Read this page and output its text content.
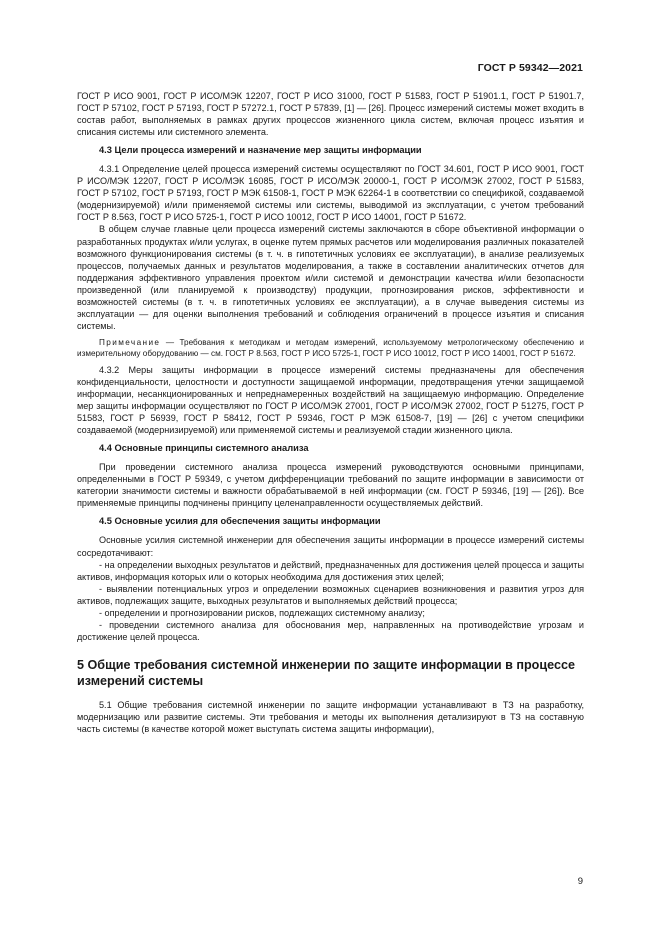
ГОСТ Р 59342—2021

ГОСТ Р ИСО 9001, ГОСТ Р ИСО/МЭК 12207, ГОСТ Р ИСО 31000, ГОСТ Р 51583, ГОСТ Р 51901.1, ГОСТ Р 51901.7, ГОСТ Р 57102, ГОСТ Р 57193, ГОСТ Р 57272.1, ГОСТ Р 57839, [1] — [26]. Процесс измерений системы может входить в состав работ, выполняемых в рамках других процессов жизненного цикла систем, включая процесс изъятия и списания системы или системного элемента.

4.3 Цели процесса измерений и назначение мер защиты информации

4.3.1 Определение целей процесса измерений системы осуществляют по ГОСТ 34.601, ГОСТ Р ИСО 9001, ГОСТ Р ИСО/МЭК 12207, ГОСТ Р ИСО/МЭК 16085, ГОСТ Р ИСО/МЭК 20000-1, ГОСТ Р ИСО/МЭК 27002, ГОСТ Р 51583, ГОСТ Р 57102, ГОСТ Р 57193, ГОСТ Р МЭК 61508-1, ГОСТ Р МЭК 62264-1 в соответствии со спецификой, создаваемой (модернизируемой) и/или применяемой системы или системы, выводимой из эксплуатации, с учетом требований ГОСТ Р 8.563, ГОСТ Р ИСО 5725-1, ГОСТ Р ИСО 10012, ГОСТ Р ИСО 14001, ГОСТ Р 51672.

В общем случае главные цели процесса измерений системы заключаются в сборе объективной информации о разработанных продуктах и/или услугах, в оценке путем прямых расчетов или моделирования различных показателей возможного функционирования системы (в т. ч. в гипотетичных условиях ее эксплуатации), в анализе реализуемых процессов, получаемых данных и результатов моделирования, а также в составлении аналитических отчетов для поддержания эффективного управления проектом и/или системой и демонстрации качества и/или безопасности произведенной (или планируемой к производству) продукции, прогнозирования рисков, эффективности и возможностей системы (в т. ч. в гипотетичных условиях ее эксплуатации), а в случае выведения системы из эксплуатации — для оценки выполнения требований и соблюдения ограничений в процессе изъятия и списания системы.

Примечание — Требования к методикам и методам измерений, используемому метрологическому обеспечению и измерительному оборудованию — см. ГОСТ Р 8.563, ГОСТ Р ИСО 5725-1, ГОСТ Р ИСО 10012, ГОСТ Р ИСО 14001, ГОСТ Р 51672.

4.3.2 Меры защиты информации в процессе измерений системы предназначены для обеспечения конфиденциальности, целостности и доступности защищаемой информации, предотвращения утечки защищаемой информации, несанкционированных и непреднамеренных воздействий на защищаемую информацию. Определение мер защиты информации осуществляют по ГОСТ Р ИСО/МЭК 27001, ГОСТ Р ИСО/МЭК 27002, ГОСТ Р 51275, ГОСТ Р 51583, ГОСТ Р 56939, ГОСТ Р 58412, ГОСТ Р 59346, ГОСТ Р МЭК 61508-7, [19] — [26] с учетом специфики создаваемой (модернизируемой) или применяемой системы и реализуемой стадии жизненного цикла.

4.4 Основные принципы системного анализа

При проведении системного анализа процесса измерений руководствуются основными принципами, определенными в ГОСТ Р 59349, с учетом дифференциации требований по защите информации в зависимости от категории значимости системы и важности обрабатываемой в ней информации (см. ГОСТ Р 59346, [19] — [26]). Все применяемые принципы подчинены принципу целенаправленности осуществляемых действий.

4.5 Основные усилия для обеспечения защиты информации

Основные усилия системной инженерии для обеспечения защиты информации в процессе измерений системы сосредотачивают:

- на определении выходных результатов и действий, предназначенных для достижения целей процесса и защиты активов, информация которых или о которых необходима для достижения этих целей;

- выявлении потенциальных угроз и определении возможных сценариев возникновения и развития угроз для активов, подлежащих защите, выходных результатов и выполняемых действий процесса;

- определении и прогнозировании рисков, подлежащих системному анализу;

- проведении системного анализа для обоснования мер, направленных на противодействие угрозам и достижение целей процесса.

5 Общие требования системной инженерии по защите информации в процессе измерений системы

5.1 Общие требования системной инженерии по защите информации устанавливают в ТЗ на разработку, модернизацию или развитие системы. Эти требования и методы их выполнения детализируют в ТЗ на составную часть системы (в качестве которой может выступать система защиты информации),

9
